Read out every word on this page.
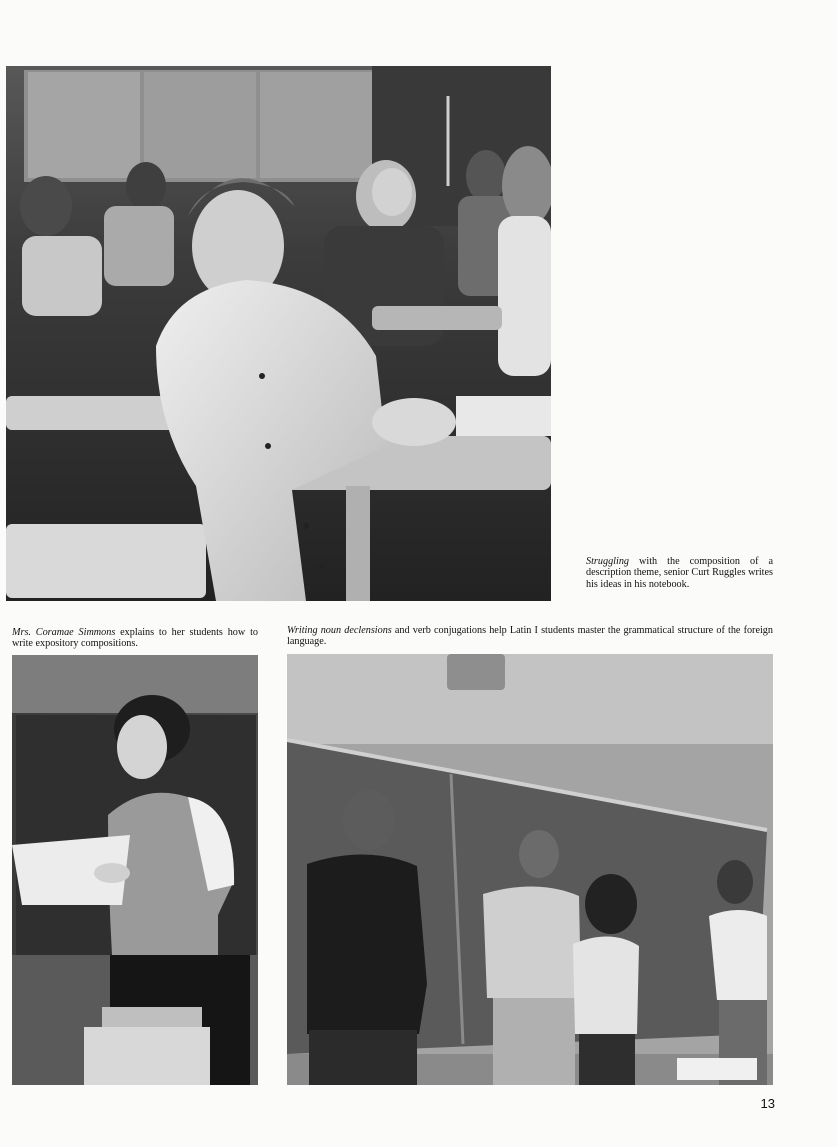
Struggling with the composition of a description theme, senior Curt Ruggles writes his ideas in his notebook.
Mrs. Coramae Simmons explains to her students how to write expository compositions.
Writing noun declensions and verb conjugations help Latin I students master the grammatical structure of the foreign language.
13
